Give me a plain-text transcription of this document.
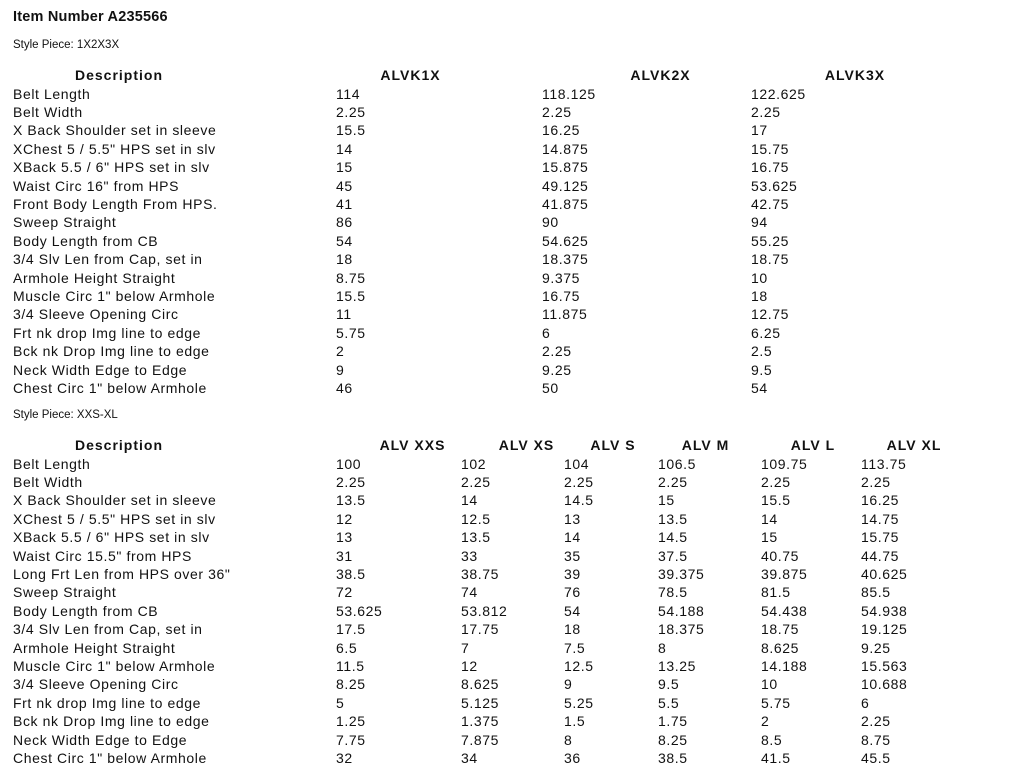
Item Number A235566
Style Piece: 1X2X3X
Description	ALVK1X	ALVK2X	ALVK3X
Belt Length	114	118.125	122.625
Belt Width	2.25	2.25	2.25
X Back Shoulder set in sleeve	15.5	16.25	17
XChest 5 / 5.5" HPS set in slv	14	14.875	15.75
XBack 5.5 / 6" HPS set in slv	15	15.875	16.75
Waist Circ 16" from HPS	45	49.125	53.625
Front Body Length From HPS.	41	41.875	42.75
Sweep Straight	86	90	94
Body Length from CB	54	54.625	55.25
3/4 Slv Len from Cap, set in	18	18.375	18.75
Armhole Height Straight	8.75	9.375	10
Muscle Circ 1" below Armhole	15.5	16.75	18
3/4 Sleeve Opening Circ	11	11.875	12.75
Frt nk drop Img line to edge	5.75	6	6.25
Bck nk Drop Img line to edge	2	2.25	2.5
Neck Width Edge to Edge	9	9.25	9.5
Chest Circ 1" below Armhole	46	50	54
Style Piece: XXS-XL
Description	ALV XXS	ALV XS	ALV S	ALV M	ALV L	ALV XL
Belt Length	100	102	104	106.5	109.75	113.75
Belt Width	2.25	2.25	2.25	2.25	2.25	2.25
X Back Shoulder set in sleeve	13.5	14	14.5	15	15.5	16.25
XChest 5 / 5.5" HPS set in slv	12	12.5	13	13.5	14	14.75
XBack 5.5 / 6" HPS set in slv	13	13.5	14	14.5	15	15.75
Waist Circ 15.5" from HPS	31	33	35	37.5	40.75	44.75
Long Frt Len from HPS over 36"	38.5	38.75	39	39.375	39.875	40.625
Sweep Straight	72	74	76	78.5	81.5	85.5
Body Length from CB	53.625	53.812	54	54.188	54.438	54.938
3/4 Slv Len from Cap, set in	17.5	17.75	18	18.375	18.75	19.125
Armhole Height Straight	6.5	7	7.5	8	8.625	9.25
Muscle Circ 1" below Armhole	11.5	12	12.5	13.25	14.188	15.563
3/4 Sleeve Opening Circ	8.25	8.625	9	9.5	10	10.688
Frt nk drop Img line to edge	5	5.125	5.25	5.5	5.75	6
Bck nk Drop Img line to edge	1.25	1.375	1.5	1.75	2	2.25
Neck Width Edge to Edge	7.75	7.875	8	8.25	8.5	8.75
Chest Circ 1" below Armhole	32	34	36	38.5	41.5	45.5
